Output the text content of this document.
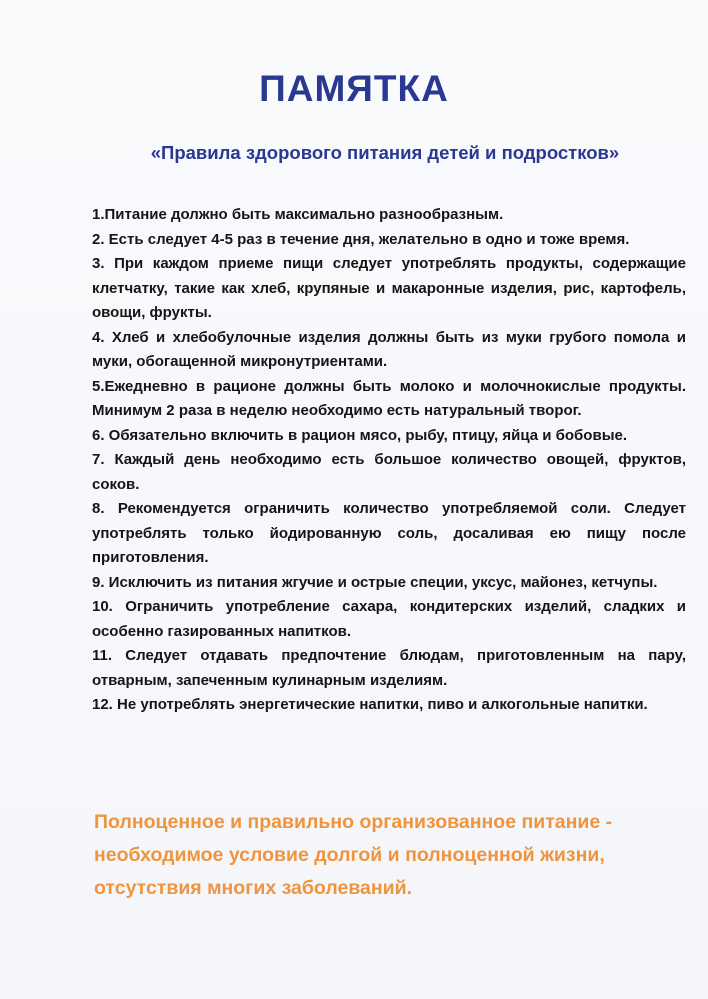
ПАМЯТКА
«Правила здорового питания детей и подростков»
1.Питание должно быть максимально разнообразным.
2. Есть следует 4-5 раз в течение дня, желательно в одно и тоже время.
3. При каждом приеме пищи следует употреблять продукты, содержащие клетчатку, такие как хлеб, крупяные и макаронные изделия, рис, картофель, овощи, фрукты.
4. Хлеб и хлебобулочные изделия должны быть из муки грубого помола и муки, обогащенной микронутриентами.
5.Ежедневно в рационе должны быть молоко и молочнокислые продукты. Минимум 2 раза в неделю необходимо есть натуральный творог.
6. Обязательно включить в рацион мясо, рыбу, птицу, яйца и бобовые.
7. Каждый день необходимо есть большое количество овощей, фруктов, соков.
8. Рекомендуется ограничить количество употребляемой соли. Следует употреблять только йодированную соль, досаливая ею пищу после приготовления.
9. Исключить из питания жгучие и острые специи, уксус, майонез, кетчупы.
10. Ограничить употребление сахара, кондитерских изделий, сладких и особенно газированных напитков.
11. Следует отдавать предпочтение блюдам, приготовленным на пару, отварным, запеченным кулинарным изделиям.
12. Не употреблять энергетические напитки, пиво и алкогольные напитки.

Полноценное и правильно организованное питание - необходимое условие долгой и полноценной жизни, отсутствия многих заболеваний.
